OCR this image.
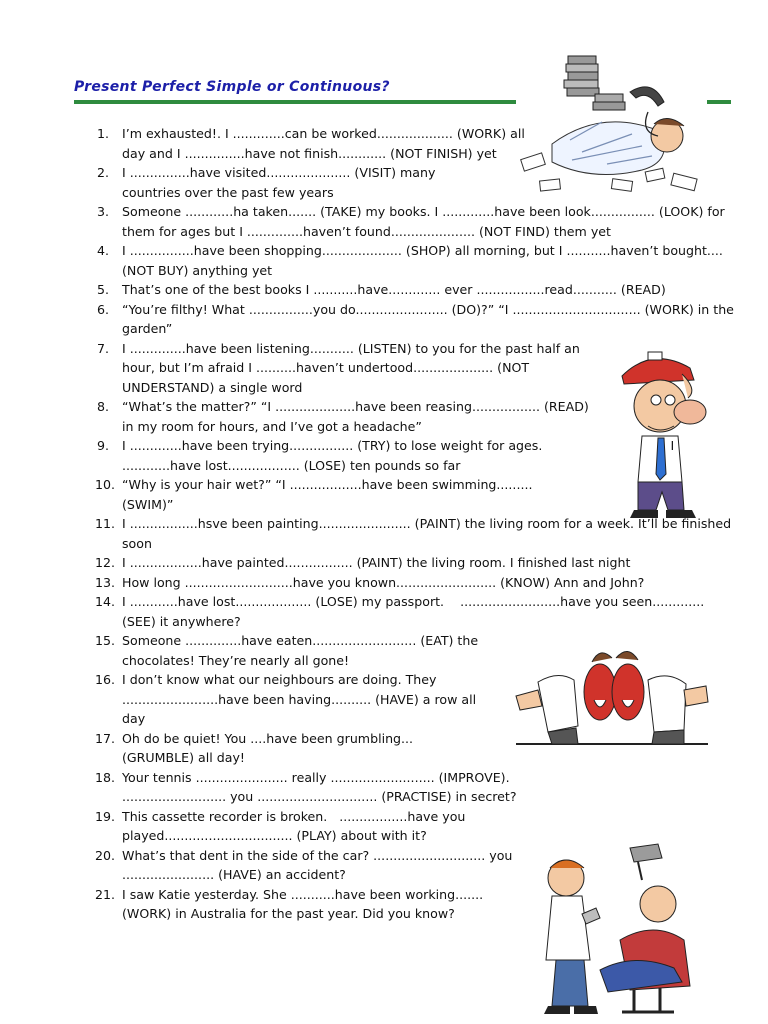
Present Perfect Simple or Continuous?
1. I’m exhausted!. I .............can be worked................... (WORK) all day and I ...............have not finish............ (NOT FINISH) yet
2. I ...............have visited..................... (VISIT) many countries over the past few years
3. Someone ............ha taken....... (TAKE) my books. I .............have been look................ (LOOK) for them for ages but I ..............haven’t found..................... (NOT FIND) them yet
4. I ................have been shopping.................... (SHOP) all morning, but I ...........haven’t bought.... (NOT BUY) anything yet
5. That’s one of the best books I ...........have............. ever .................read........... (READ)
6. “You’re filthy! What ................you do....................... (DO)?” “I ................................ (WORK) in the garden”
7. I ..............have been listening........... (LISTEN) to you for the past half an hour, but I’m afraid I ..........haven’t undertood.................... (NOT UNDERSTAND) a single word
8. “What’s the matter?” “I ....................have been reasing................. (READ) in my room for hours, and I’ve got a headache”
9. I .............have been trying................ (TRY) to lose weight for ages.                                I ............have lost.................. (LOSE) ten pounds so far
10. “Why is your hair wet?” “I ..................have been swimming......... (SWIM)”
11. I .................hsve been painting....................... (PAINT) the living room for a week. It’ll be finished soon
12. I ..................have painted................. (PAINT) the living room. I finished last night
13. How long ...........................have you known......................... (KNOW) Ann and John?
14. I ............have lost................... (LOSE) my passport.    .........................have you seen............. (SEE) it anywhere?
15. Someone ..............have eaten.......................... (EAT) the chocolates! They’re nearly all gone!
16. I don’t know what our neighbours are doing. They ........................have been having.......... (HAVE) a row all day
17. Oh do be quiet! You ....have been grumbling... (GRUMBLE) all day!
18. Your tennis ....................... really .......................... (IMPROVE).   .......................... you .............................. (PRACTISE) in secret?
19. This cassette recorder is broken.   .................have you played................................ (PLAY) about with it?
20. What’s that dent in the side of the car? ............................ you ....................... (HAVE) an accident?
21. I saw Katie yesterday. She ...........have been working....... (WORK) in Australia for the past year. Did you know?
